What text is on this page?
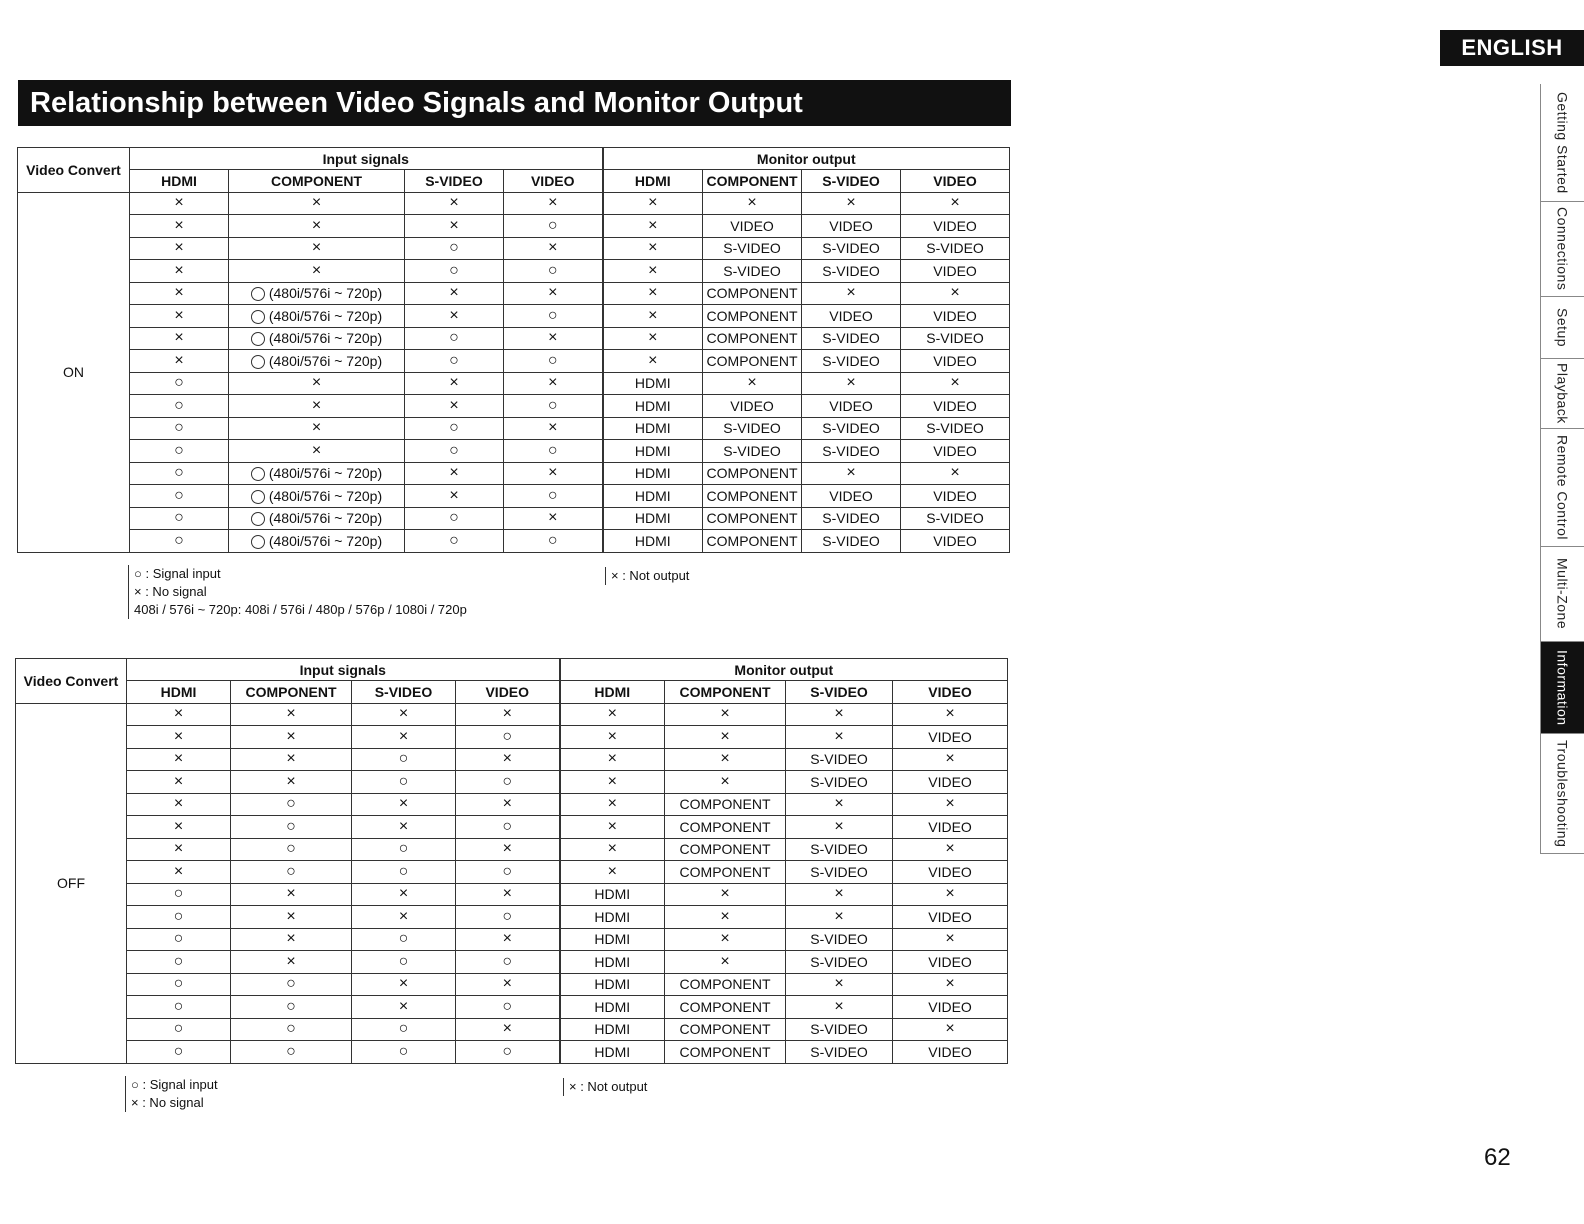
ENGLISH
Relationship between Video Signals and Monitor Output	Getting Started
Connections
Setup
Playback
Remote Control
Multi-Zone
Information
Troubleshooting
Video Convert	Input signals				Monitor output			
	HDMI	COMPONENT	S-VIDEO	VIDEO	HDMI	COMPONENT	S-VIDEO	VIDEO
ON	×	×	×	×	×	×	×	×
	×	×	×	○	×	VIDEO	VIDEO	VIDEO
	×	×	○	×	×	S-VIDEO	S-VIDEO	S-VIDEO
	×	×	○	○	×	S-VIDEO	S-VIDEO	VIDEO
	×	(480i/576i ~ 720p)	×	×	×	COMPONENT	×	×
	×	(480i/576i ~ 720p)	×	○	×	COMPONENT	VIDEO	VIDEO
	×	(480i/576i ~ 720p)	○	×	×	COMPONENT	S-VIDEO	S-VIDEO
	×	(480i/576i ~ 720p)	○	○	×	COMPONENT	S-VIDEO	VIDEO
	○	×	×	×	HDMI	×	×	×
	○	×	×	○	HDMI	VIDEO	VIDEO	VIDEO
	○	×	○	×	HDMI	S-VIDEO	S-VIDEO	S-VIDEO
	○	×	○	○	HDMI	S-VIDEO	S-VIDEO	VIDEO
	○	(480i/576i ~ 720p)	×	×	HDMI	COMPONENT	×	×
	○	(480i/576i ~ 720p)	×	○	HDMI	COMPONENT	VIDEO	VIDEO
	○	(480i/576i ~ 720p)	○	×	HDMI	COMPONENT	S-VIDEO	S-VIDEO
	○	(480i/576i ~ 720p)	○	○	HDMI	COMPONENT	S-VIDEO	VIDEO
○ : Signal input
× : No signal
408i / 576i ~ 720p: 408i / 576i / 480p / 576p / 1080i / 720p
× : Not output
Video Convert	Input signals				Monitor output			
	HDMI	COMPONENT	S-VIDEO	VIDEO	HDMI	COMPONENT	S-VIDEO	VIDEO
OFF	×	×	×	×	×	×	×	×
	×	×	×	○	×	×	×	VIDEO
	×	×	○	×	×	×	S-VIDEO	×
	×	×	○	○	×	×	S-VIDEO	VIDEO
	×	○	×	×	×	COMPONENT	×	×
	×	○	×	○	×	COMPONENT	×	VIDEO
	×	○	○	×	×	COMPONENT	S-VIDEO	×
	×	○	○	○	×	COMPONENT	S-VIDEO	VIDEO
	○	×	×	×	HDMI	×	×	×
	○	×	×	○	HDMI	×	×	VIDEO
	○	×	○	×	HDMI	×	S-VIDEO	×
	○	×	○	○	HDMI	×	S-VIDEO	VIDEO
	○	○	×	×	HDMI	COMPONENT	×	×
	○	○	×	○	HDMI	COMPONENT	×	VIDEO
	○	○	○	×	HDMI	COMPONENT	S-VIDEO	×
	○	○	○	○	HDMI	COMPONENT	S-VIDEO	VIDEO
○ : Signal input
× : No signal
× : Not output
62
